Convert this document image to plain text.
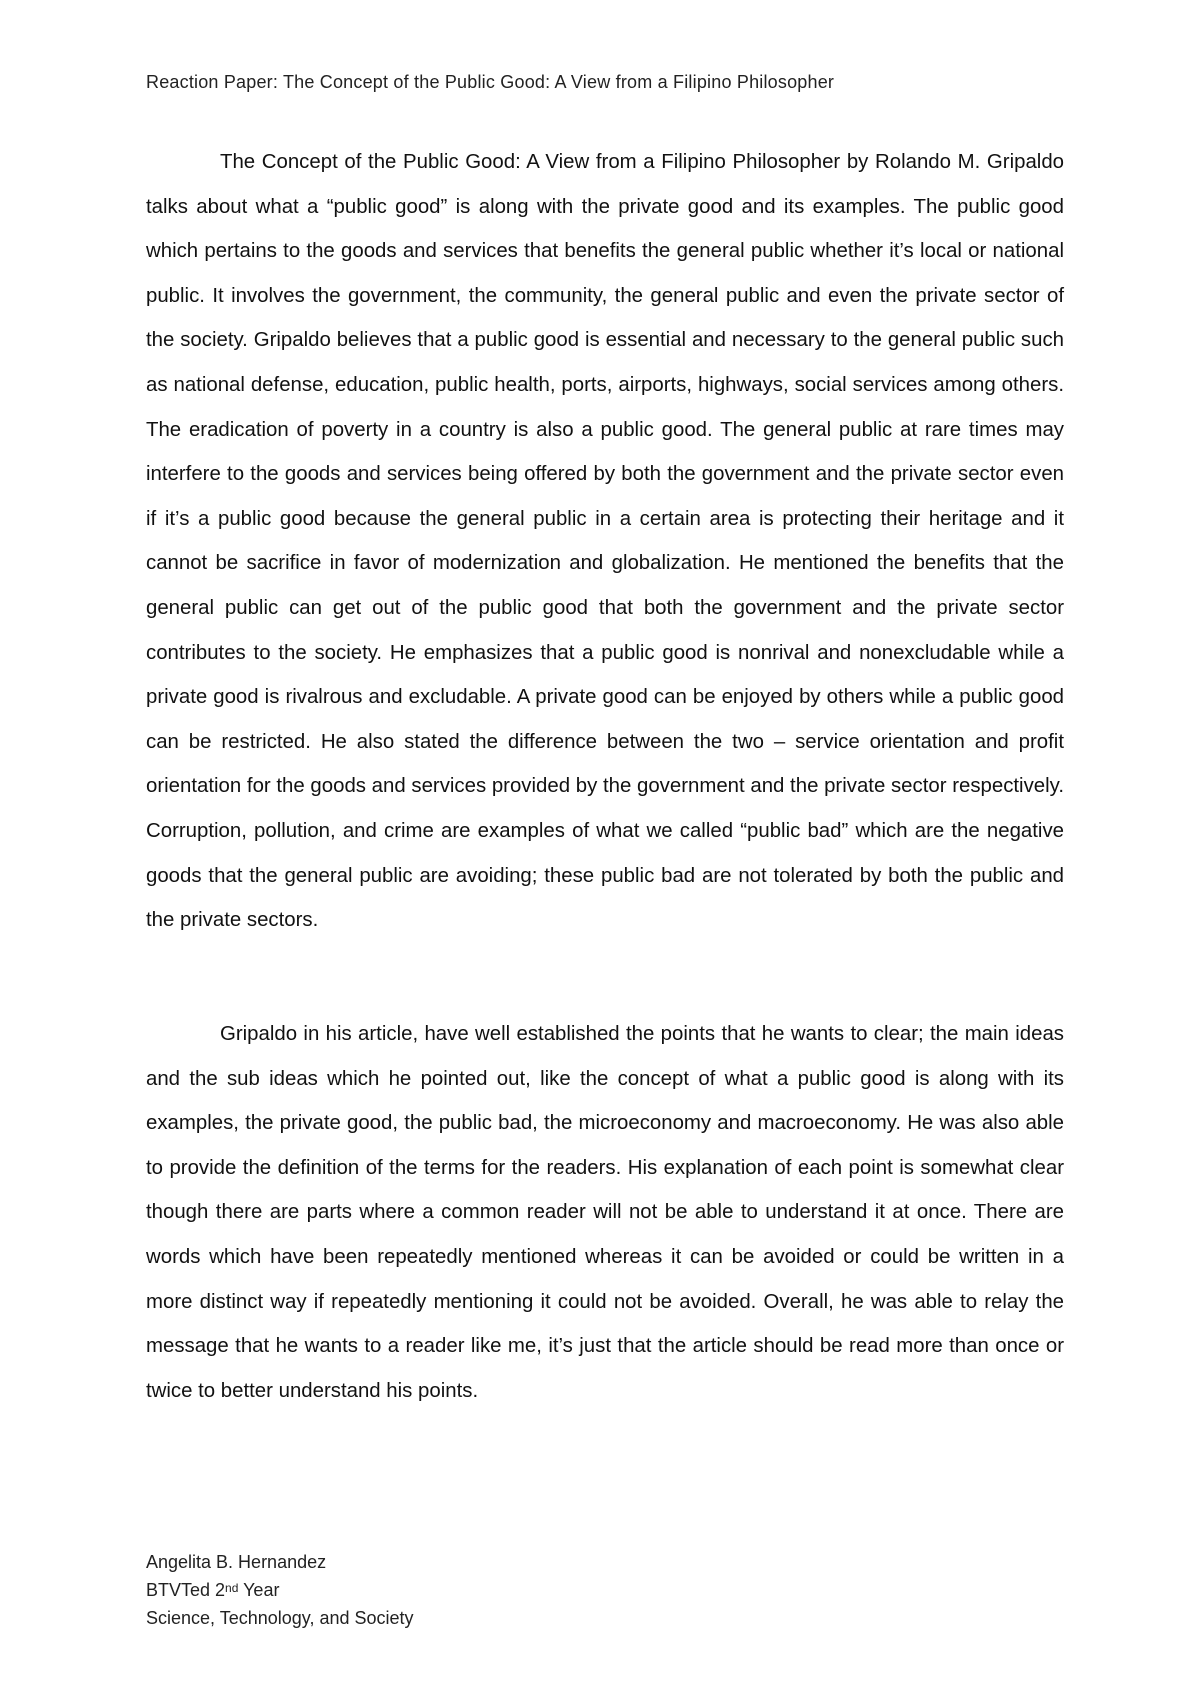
Reaction Paper: The Concept of the Public Good: A View from a Filipino Philosopher

The Concept of the Public Good: A View from a Filipino Philosopher by Rolando M. Gripaldo talks about what a “public good” is along with the private good and its examples. The public good which pertains to the goods and services that benefits the general public whether it’s local or national public. It involves the government, the community, the general public and even the private sector of the society. Gripaldo believes that a public good is essential and necessary to the general public such as national defense, education, public health, ports, airports, highways, social services among others. The eradication of poverty in a country is also a public good. The general public at rare times may interfere to the goods and services being offered by both the government and the private sector even if it’s a public good because the general public in a certain area is protecting their heritage and it cannot be sacrifice in favor of modernization and globalization. He mentioned the benefits that the general public can get out of the public good that both the government and the private sector contributes to the society. He emphasizes that a public good is nonrival and nonexcludable while a private good is rivalrous and excludable. A private good can be enjoyed by others while a public good can be restricted. He also stated the difference between the two – service orientation and profit orientation for the goods and services provided by the government and the private sector respectively. Corruption, pollution, and crime are examples of what we called “public bad” which are the negative goods that the general public are avoiding; these public bad are not tolerated by both the public and the private sectors.

Gripaldo in his article, have well established the points that he wants to clear; the main ideas and the sub ideas which he pointed out, like the concept of what a public good is along with its examples, the private good, the public bad, the microeconomy and macroeconomy. He was also able to provide the definition of the terms for the readers. His explanation of each point is somewhat clear though there are parts where a common reader will not be able to understand it at once. There are words which have been repeatedly mentioned whereas it can be avoided or could be written in a more distinct way if repeatedly mentioning it could not be avoided. Overall, he was able to relay the message that he wants to a reader like me, it’s just that the article should be read more than once or twice to better understand his points.

Angelita B. Hernandez
BTVTed 2nd Year
Science, Technology, and Society
